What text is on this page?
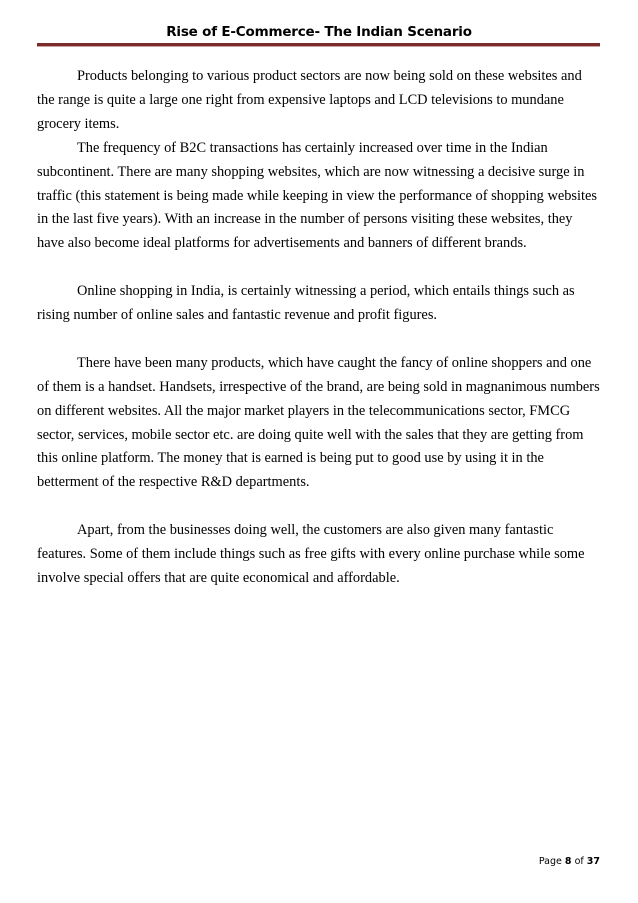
Rise of E-Commerce- The Indian Scenario

Products belonging to various product sectors are now being sold on these websites and the range is quite a large one right from expensive laptops and LCD televisions to mundane grocery items.

The frequency of B2C transactions has certainly increased over time in the Indian subcontinent. There are many shopping websites, which are now witnessing a decisive surge in traffic (this statement is being made while keeping in view the performance of shopping websites in the last five years). With an increase in the number of persons visiting these websites, they have also become ideal platforms for advertisements and banners of different brands.

Online shopping in India, is certainly witnessing a period, which entails things such as rising number of online sales and fantastic revenue and profit figures.

There have been many products, which have caught the fancy of online shoppers and one of them is a handset. Handsets, irrespective of the brand, are being sold in magnanimous numbers on different websites. All the major market players in the telecommunications sector, FMCG sector, services, mobile sector etc. are doing quite well with the sales that they are getting from this online platform. The money that is earned is being put to good use by using it in the betterment of the respective R&D departments.

Apart, from the businesses doing well, the customers are also given many fantastic features. Some of them include things such as free gifts with every online purchase while some involve special offers that are quite economical and affordable.

Page 8 of 37
